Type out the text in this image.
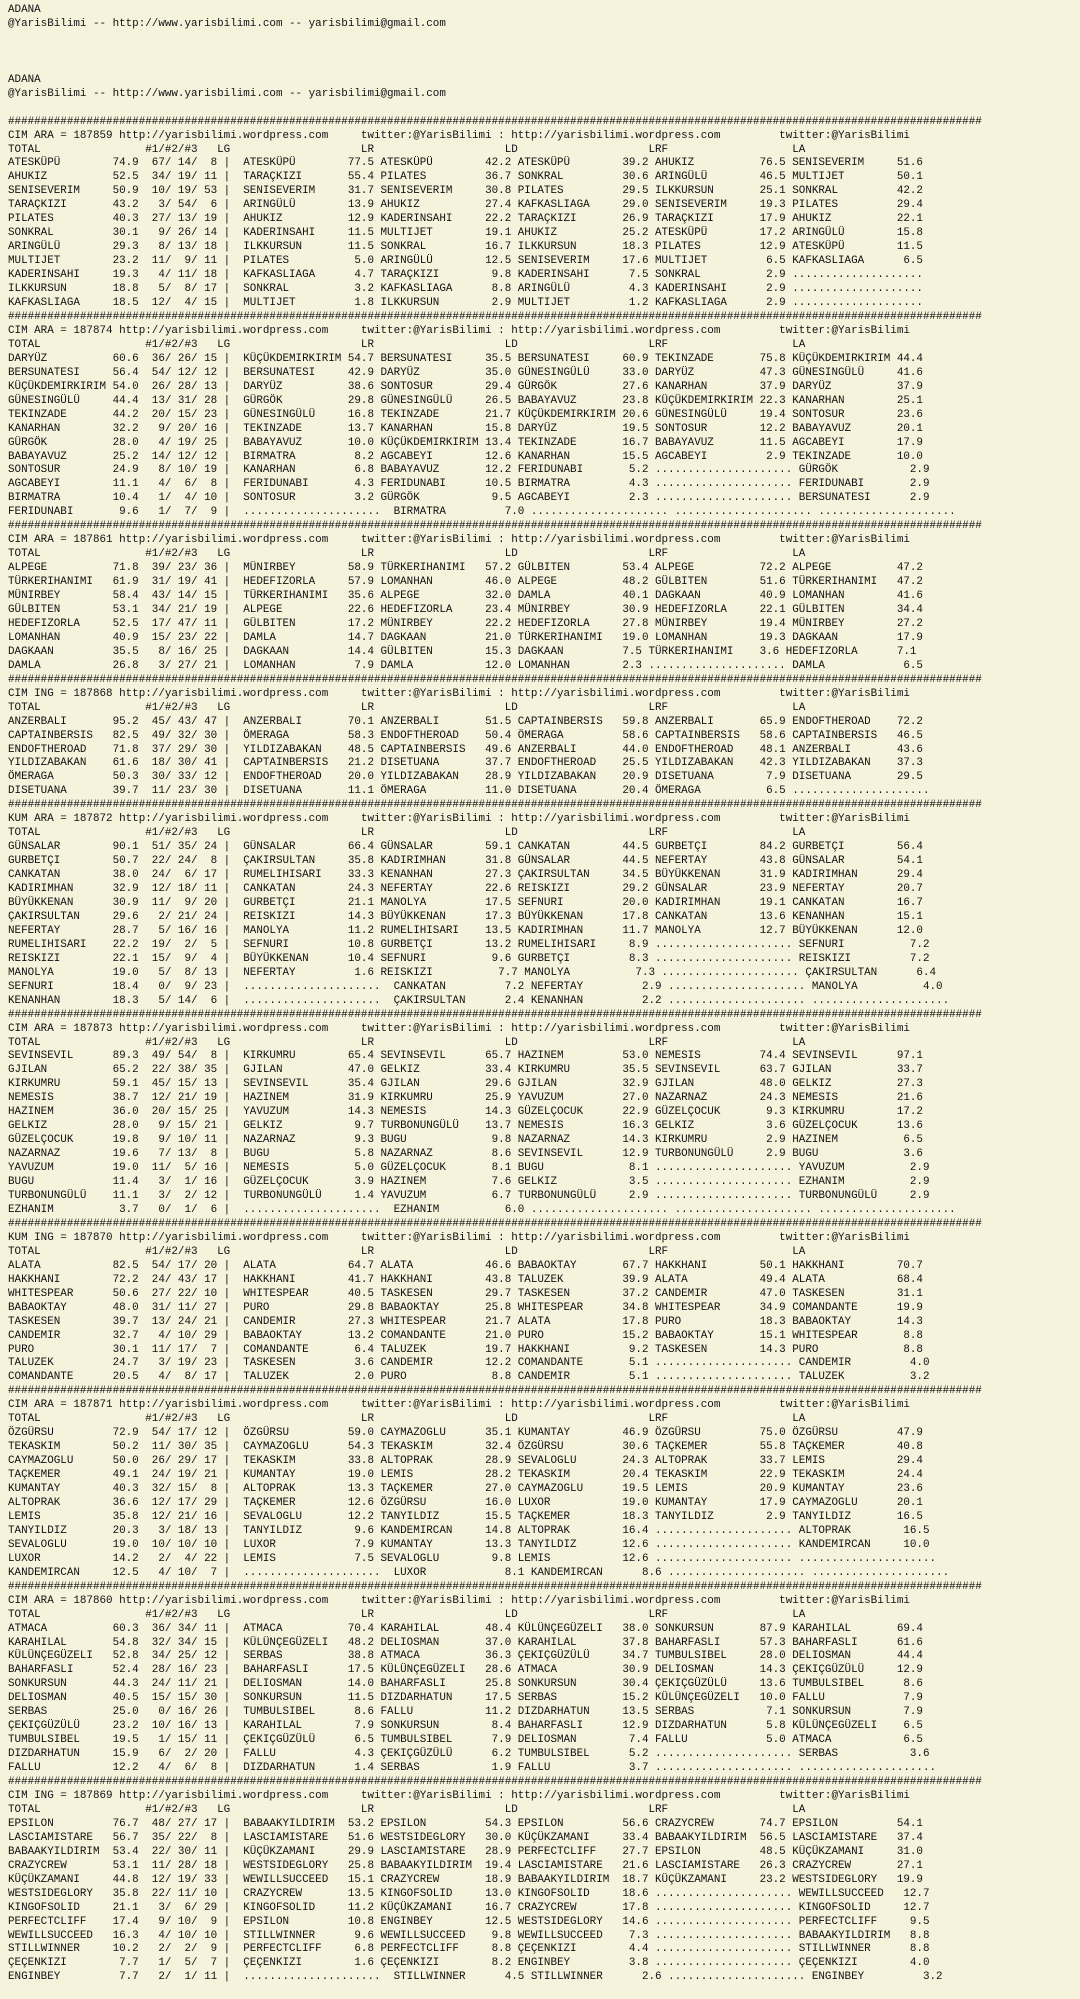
ADANA
@YarisBilimi -- http://www.yarisbilimi.com -- yarisbilimi@gmail.com

ADANA
@YarisBilimi -- http://www.yarisbilimi.com -- yarisbilimi@gmail.com

#####################################################################################################################################################
CIM ARA = 187859 http://yarisbilimi.wordpress.com     twitter:@YarisBilimi : http://yarisbilimi.wordpress.com         twitter:@YarisBilimi
TOTAL                #1/#2/#3   LG                    LR                    LD                    LRF                   LA
ATESKÜPÜ        74.9  67/ 14/  8 |  ATESKÜPÜ        77.5 ATESKÜPÜ        42.2 ATESKÜPÜ        39.2 AHUKIZ          76.5 SENISEVERIM     51.6
AHUKIZ          52.5  34/ 19/ 11 |  TARAÇKIZI       55.4 PILATES         36.7 SONKRAL         30.6 ARINGÜLÜ        46.5 MULTIJET        50.1
SENISEVERIM     50.9  10/ 19/ 53 |  SENISEVERIM     31.7 SENISEVERIM     30.8 PILATES         29.5 ILKKURSUN       25.1 SONKRAL         42.2
TARAÇKIZI       43.2   3/ 54/  6 |  ARINGÜLÜ        13.9 AHUKIZ          27.4 KAFKASLIAGA     29.0 SENISEVERIM     19.3 PILATES         29.4
PILATES         40.3  27/ 13/ 19 |  AHUKIZ          12.9 KADERINSAHI     22.2 TARAÇKIZI       26.9 TARAÇKIZI       17.9 AHUKIZ          22.1
SONKRAL         30.1   9/ 26/ 14 |  KADERINSAHI     11.5 MULTIJET        19.1 AHUKIZ          25.2 ATESKÜPÜ        17.2 ARINGÜLÜ        15.8
ARINGÜLÜ        29.3   8/ 13/ 18 |  ILKKURSUN       11.5 SONKRAL         16.7 ILKKURSUN       18.3 PILATES         12.9 ATESKÜPÜ        11.5
MULTIJET        23.2  11/  9/ 11 |  PILATES          5.0 ARINGÜLÜ        12.5 SENISEVERIM     17.6 MULTIJET         6.5 KAFKASLIAGA      6.5
KADERINSAHI     19.3   4/ 11/ 18 |  KAFKASLIAGA      4.7 TARAÇKIZI        9.8 KADERINSAHI      7.5 SONKRAL          2.9 ....................
ILKKURSUN       18.8   5/  8/ 17 |  SONKRAL          3.2 KAFKASLIAGA      8.8 ARINGÜLÜ         4.3 KADERINSAHI      2.9 ....................
KAFKASLIAGA     18.5  12/  4/ 15 |  MULTIJET         1.8 ILKKURSUN        2.9 MULTIJET         1.2 KAFKASLIAGA      2.9 ....................
#####################################################################################################################################################
CIM ARA = 187874 http://yarisbilimi.wordpress.com     twitter:@YarisBilimi : http://yarisbilimi.wordpress.com         twitter:@YarisBilimi
TOTAL                #1/#2/#3   LG                    LR                    LD                    LRF                   LA
DARYÜZ          60.6  36/ 26/ 15 |  KÜÇÜKDEMIRKIRIM 54.7 BERSUNATESI     35.5 BERSUNATESI     60.9 TEKINZADE       75.8 KÜÇÜKDEMIRKIRIM 44.4
BERSUNATESI     56.4  54/ 12/ 12 |  BERSUNATESI     42.9 DARYÜZ          35.0 GÜNESINGÜLÜ     33.0 DARYÜZ          47.3 GÜNESINGÜLÜ     41.6
KÜÇÜKDEMIRKIRIM 54.0  26/ 28/ 13 |  DARYÜZ          38.6 SONTOSUR        29.4 GÜRGÖK          27.6 KANARHAN        37.9 DARYÜZ          37.9
GÜNESINGÜLÜ     44.4  13/ 31/ 28 |  GÜRGÖK          29.8 GÜNESINGÜLÜ     26.5 BABAYAVUZ       23.8 KÜÇÜKDEMIRKIRIM 22.3 KANARHAN        25.1
TEKINZADE       44.2  20/ 15/ 23 |  GÜNESINGÜLÜ     16.8 TEKINZADE       21.7 KÜÇÜKDEMIRKIRIM 20.6 GÜNESINGÜLÜ     19.4 SONTOSUR        23.6
KANARHAN        32.2   9/ 20/ 16 |  TEKINZADE       13.7 KANARHAN        15.8 DARYÜZ          19.5 SONTOSUR        12.2 BABAYAVUZ       20.1
GÜRGÖK          28.0   4/ 19/ 25 |  BABAYAVUZ       10.0 KÜÇÜKDEMIRKIRIM 13.4 TEKINZADE       16.7 BABAYAVUZ       11.5 AGCABEYI        17.9
BABAYAVUZ       25.2  14/ 12/ 12 |  BIRMATRA         8.2 AGCABEYI        12.6 KANARHAN        15.5 AGCABEYI         2.9 TEKINZADE       10.0
SONTOSUR        24.9   8/ 10/ 19 |  KANARHAN         6.8 BABAYAVUZ       12.2 FERIDUNABI       5.2 ..................... GÜRGÖK           2.9
AGCABEYI        11.1   4/  6/  8 |  FERIDUNABI       4.3 FERIDUNABI      10.5 BIRMATRA         4.3 ..................... FERIDUNABI       2.9
BIRMATRA        10.4   1/  4/ 10 |  SONTOSUR         3.2 GÜRGÖK           9.5 AGCABEYI         2.3 ..................... BERSUNATESI      2.9
FERIDUNABI       9.6   1/  7/  9 |  .....................  BIRMATRA         7.0 ..................... ..................... .....................
#####################################################################################################################################################
CIM ARA = 187861 http://yarisbilimi.wordpress.com     twitter:@YarisBilimi : http://yarisbilimi.wordpress.com         twitter:@YarisBilimi
TOTAL                #1/#2/#3   LG                    LR                    LD                    LRF                   LA
ALPEGE          71.8  39/ 23/ 36 |  MÜNIRBEY        58.9 TÜRKERIHANIMI   57.2 GÜLBITEN        53.4 ALPEGE          72.2 ALPEGE          47.2
TÜRKERIHANIMI   61.9  31/ 19/ 41 |  HEDEFIZORLA     57.9 LOMANHAN        46.0 ALPEGE          48.2 GÜLBITEN        51.6 TÜRKERIHANIMI   47.2
MÜNIRBEY        58.4  43/ 14/ 15 |  TÜRKERIHANIMI   35.6 ALPEGE          32.0 DAMLA           40.1 DAGKAAN         40.9 LOMANHAN        41.6
GÜLBITEN        53.1  34/ 21/ 19 |  ALPEGE          22.6 HEDEFIZORLA     23.4 MÜNIRBEY        30.9 HEDEFIZORLA     22.1 GÜLBITEN        34.4
HEDEFIZORLA     52.5  17/ 47/ 11 |  GÜLBITEN        17.2 MÜNIRBEY        22.2 HEDEFIZORLA     27.8 MÜNIRBEY        19.4 MÜNIRBEY        27.2
LOMANHAN        40.9  15/ 23/ 22 |  DAMLA           14.7 DAGKAAN         21.0 TÜRKERIHANIMI   19.0 LOMANHAN        19.3 DAGKAAN         17.9
DAGKAAN         35.5   8/ 16/ 25 |  DAGKAAN         14.4 GÜLBITEN        15.3 DAGKAAN         7.5 TÜRKERIHANIMI    3.6 HEDEFIZORLA      7.1
DAMLA           26.8   3/ 27/ 21 |  LOMANHAN         7.9 DAMLA           12.0 LOMANHAN        2.3 ..................... DAMLA            6.5
#####################################################################################################################################################
CIM ING = 187868 http://yarisbilimi.wordpress.com     twitter:@YarisBilimi : http://yarisbilimi.wordpress.com         twitter:@YarisBilimi
TOTAL                #1/#2/#3   LG                    LR                    LD                    LRF                   LA
ANZERBALI       95.2  45/ 43/ 47 |  ANZERBALI       70.1 ANZERBALI       51.5 CAPTAINBERSIS   59.8 ANZERBALI       65.9 ENDOFTHEROAD    72.2
CAPTAINBERSIS   82.5  49/ 32/ 30 |  ÖMERAGA         58.3 ENDOFTHEROAD    50.4 ÖMERAGA         58.6 CAPTAINBERSIS   58.6 CAPTAINBERSIS   46.5
ENDOFTHEROAD    71.8  37/ 29/ 30 |  YILDIZABAKAN    48.5 CAPTAINBERSIS   49.6 ANZERBALI       44.0 ENDOFTHEROAD    48.1 ANZERBALI       43.6
YILDIZABAKAN    61.6  18/ 30/ 41 |  CAPTAINBERSIS   21.2 DISETUANA       37.7 ENDOFTHEROAD    25.5 YILDIZABAKAN    42.3 YILDIZABAKAN    37.3
ÖMERAGA         50.3  30/ 33/ 12 |  ENDOFTHEROAD    20.0 YILDIZABAKAN    28.9 YILDIZABAKAN    20.9 DISETUANA        7.9 DISETUANA       29.5
DISETUANA       39.7  11/ 23/ 30 |  DISETUANA       11.1 ÖMERAGA         11.0 DISETUANA       20.4 ÖMERAGA          6.5 .....................
#####################################################################################################################################################
KUM ARA = 187872 http://yarisbilimi.wordpress.com     twitter:@YarisBilimi : http://yarisbilimi.wordpress.com         twitter:@YarisBilimi
TOTAL                #1/#2/#3   LG                    LR                    LD                    LRF                   LA
GÜNSALAR        90.1  51/ 35/ 24 |  GÜNSALAR        66.4 GÜNSALAR        59.1 CANKATAN        44.5 GURBETÇI        84.2 GURBETÇI        56.4
GURBETÇI        50.7  22/ 24/  8 |  ÇAKIRSULTAN     35.8 KADIRIMHAN      31.8 GÜNSALAR        44.5 NEFERTAY        43.8 GÜNSALAR        54.1
CANKATAN        38.0  24/  6/ 17 |  RUMELIHISARI    33.3 KENANHAN        27.3 ÇAKIRSULTAN     34.5 BÜYÜKKENAN      31.9 KADIRIMHAN      29.4
KADIRIMHAN      32.9  12/ 18/ 11 |  CANKATAN        24.3 NEFERTAY        22.6 REISKIZI        29.2 GÜNSALAR        23.9 NEFERTAY        20.7
BÜYÜKKENAN      30.9  11/  9/ 20 |  GURBETÇI        21.1 MANOLYA         17.5 SEFNURI         20.0 KADIRIMHAN      19.1 CANKATAN        16.7
ÇAKIRSULTAN     29.6   2/ 21/ 24 |  REISKIZI        14.3 BÜYÜKKENAN      17.3 BÜYÜKKENAN      17.8 CANKATAN        13.6 KENANHAN        15.1
NEFERTAY        28.7   5/ 16/ 16 |  MANOLYA         11.2 RUMELIHISARI    13.5 KADIRIMHAN      11.7 MANOLYA         12.7 BÜYÜKKENAN      12.0
RUMELIHISARI    22.2  19/  2/  5 |  SEFNURI         10.8 GURBETÇI        13.2 RUMELIHISARI     8.9 ..................... SEFNURI          7.2
REISKIZI        22.1  15/  9/  4 |  BÜYÜKKENAN      10.4 SEFNURI          9.6 GURBETÇI         8.3 ..................... REISKIZI         7.2
MANOLYA         19.0   5/  8/ 13 |  NEFERTAY         1.6 REISKIZI          7.7 MANOLYA          7.3 ..................... ÇAKIRSULTAN      6.4
SEFNURI         18.4   0/  9/ 23 |  .....................  CANKATAN         7.2 NEFERTAY         2.9 ..................... MANOLYA          4.0
KENANHAN        18.3   5/ 14/  6 |  .....................  ÇAKIRSULTAN      2.4 KENANHAN         2.2 ..................... .....................
#####################################################################################################################################################
CIM ARA = 187873 http://yarisbilimi.wordpress.com     twitter:@YarisBilimi : http://yarisbilimi.wordpress.com         twitter:@YarisBilimi
TOTAL                #1/#2/#3   LG                    LR                    LD                    LRF                   LA
SEVINSEVIL      89.3  49/ 54/  8 |  KIRKUMRU        65.4 SEVINSEVIL      65.7 HAZINEM         53.0 NEMESIS         74.4 SEVINSEVIL      97.1
GJILAN          65.2  22/ 38/ 35 |  GJILAN          47.0 GELKIZ          33.4 KIRKUMRU        35.5 SEVINSEVIL      63.7 GJILAN          33.7
KIRKUMRU        59.1  45/ 15/ 13 |  SEVINSEVIL      35.4 GJILAN          29.6 GJILAN          32.9 GJILAN          48.0 GELKIZ          27.3
NEMESIS         38.7  12/ 21/ 19 |  HAZINEM         31.9 KIRKUMRU        25.9 YAVUZUM         27.0 NAZARNAZ        24.3 NEMESIS         21.6
HAZINEM         36.0  20/ 15/ 25 |  YAVUZUM         14.3 NEMESIS         14.3 GÜZELÇOCUK      22.9 GÜZELÇOCUK       9.3 KIRKUMRU        17.2
GELKIZ          28.0   9/ 15/ 21 |  GELKIZ           9.7 TURBONUNGÜLÜ    13.7 NEMESIS         16.3 GELKIZ           3.6 GÜZELÇOCUK      13.6
GÜZELÇOCUK      19.8   9/ 10/ 11 |  NAZARNAZ         9.3 BUGU             9.8 NAZARNAZ        14.3 KIRKUMRU         2.9 HAZINEM          6.5
NAZARNAZ        19.6   7/ 13/  8 |  BUGU             5.8 NAZARNAZ         8.6 SEVINSEVIL      12.9 TURBONUNGÜLÜ     2.9 BUGU             3.6
YAVUZUM         19.0  11/  5/ 16 |  NEMESIS          5.0 GÜZELÇOCUK       8.1 BUGU             8.1 ..................... YAVUZUM          2.9
BUGU            11.4   3/  1/ 16 |  GÜZELÇOCUK       3.9 HAZINEM          7.6 GELKIZ           3.5 ..................... EZHANIM          2.9
TURBONUNGÜLÜ    11.1   3/  2/ 12 |  TURBONUNGÜLÜ     1.4 YAVUZUM          6.7 TURBONUNGÜLÜ     2.9 ..................... TURBONUNGÜLÜ     2.9
EZHANIM          3.7   0/  1/  6 |  .....................  EZHANIM          6.0 ..................... ..................... .....................
#####################################################################################################################################################
KUM ING = 187870 http://yarisbilimi.wordpress.com     twitter:@YarisBilimi : http://yarisbilimi.wordpress.com         twitter:@YarisBilimi
TOTAL                #1/#2/#3   LG                    LR                    LD                    LRF                   LA
ALATA           82.5  54/ 17/ 20 |  ALATA           64.7 ALATA           46.6 BABAOKTAY       67.7 HAKKHANI        50.1 HAKKHANI        70.7
HAKKHANI        72.2  24/ 43/ 17 |  HAKKHANI        41.7 HAKKHANI        43.8 TALUZEK         39.9 ALATA           49.4 ALATA           68.4
WHITESPEAR      50.6  27/ 22/ 10 |  WHITESPEAR      40.5 TASKESEN        29.7 TASKESEN        37.2 CANDEMIR        47.0 TASKESEN        31.1
BABAOKTAY       48.0  31/ 11/ 27 |  PURO            29.8 BABAOKTAY       25.8 WHITESPEAR      34.8 WHITESPEAR      34.9 COMANDANTE      19.9
TASKESEN        39.7  13/ 24/ 21 |  CANDEMIR        27.3 WHITESPEAR      21.7 ALATA           17.8 PURO            18.3 BABAOKTAY       14.3
CANDEMIR        32.7   4/ 10/ 29 |  BABAOKTAY       13.2 COMANDANTE      21.0 PURO            15.2 BABAOKTAY       15.1 WHITESPEAR       8.8
PURO            30.1  11/ 17/  7 |  COMANDANTE       6.4 TALUZEK         19.7 HAKKHANI         9.2 TASKESEN        14.3 PURO             8.8
TALUZEK         24.7   3/ 19/ 23 |  TASKESEN         3.6 CANDEMIR        12.2 COMANDANTE       5.1 ..................... CANDEMIR         4.0
COMANDANTE      20.5   4/  8/ 17 |  TALUZEK          2.0 PURO             8.8 CANDEMIR         5.1 ..................... TALUZEK          3.2
#####################################################################################################################################################
CIM ARA = 187871 http://yarisbilimi.wordpress.com     twitter:@YarisBilimi : http://yarisbilimi.wordpress.com         twitter:@YarisBilimi
TOTAL                #1/#2/#3   LG                    LR                    LD                    LRF                   LA
ÖZGÜRSU         72.9  54/ 17/ 12 |  ÖZGÜRSU         59.0 CAYMAZOGLU      35.1 KUMANTAY        46.9 ÖZGÜRSU         75.0 ÖZGÜRSU         47.9
TEKASKIM        50.2  11/ 30/ 35 |  CAYMAZOGLU      54.3 TEKASKIM        32.4 ÖZGÜRSU         30.6 TAÇKEMER        55.8 TAÇKEMER        40.8
CAYMAZOGLU      50.0  26/ 29/ 17 |  TEKASKIM        33.8 ALTOPRAK        28.9 SEVALOGLU       24.3 ALTOPRAK        33.7 LEMIS           29.4
TAÇKEMER        49.1  24/ 19/ 21 |  KUMANTAY        19.0 LEMIS           28.2 TEKASKIM        20.4 TEKASKIM        22.9 TEKASKIM        24.4
KUMANTAY        40.3  32/ 15/  8 |  ALTOPRAK        13.3 TAÇKEMER        27.0 CAYMAZOGLU      19.5 LEMIS           20.9 KUMANTAY        23.6
ALTOPRAK        36.6  12/ 17/ 29 |  TAÇKEMER        12.6 ÖZGÜRSU         16.0 LUXOR           19.0 KUMANTAY        17.9 CAYMAZOGLU      20.1
LEMIS           35.8  12/ 21/ 16 |  SEVALOGLU       12.2 TANYILDIZ       15.5 TAÇKEMER        18.3 TANYILDIZ        2.9 TANYILDIZ       16.5
TANYILDIZ       20.3   3/ 18/ 13 |  TANYILDIZ        9.6 KANDEMIRCAN     14.8 ALTOPRAK        16.4 ..................... ALTOPRAK        16.5
SEVALOGLU       19.0  10/ 10/ 10 |  LUXOR            7.9 KUMANTAY        13.3 TANYILDIZ       12.6 ..................... KANDEMIRCAN     10.0
LUXOR           14.2   2/  4/ 22 |  LEMIS            7.5 SEVALOGLU        9.8 LEMIS           12.6 ..................... .....................
KANDEMIRCAN     12.5   4/ 10/  7 |  .....................  LUXOR            8.1 KANDEMIRCAN      8.6 ..................... .....................
#####################################################################################################################################################
CIM ARA = 187860 http://yarisbilimi.wordpress.com     twitter:@YarisBilimi : http://yarisbilimi.wordpress.com         twitter:@YarisBilimi
TOTAL                #1/#2/#3   LG                    LR                    LD                    LRF                   LA
ATMACA          60.3  36/ 34/ 11 |  ATMACA          70.4 KARAHILAL       48.4 KÜLÜNÇEGÜZELI   38.0 SONKURSUN       87.9 KARAHILAL       69.4
KARAHILAL       54.8  32/ 34/ 15 |  KÜLÜNÇEGÜZELI   48.2 DELIOSMAN       37.0 KARAHILAL       37.8 BAHARFASLI      57.3 BAHARFASLI      61.6
KÜLÜNÇEGÜZELI   52.8  34/ 25/ 12 |  SERBAS          38.8 ATMACA          36.3 ÇEKIÇGÜZÜLÜ     34.7 TUMBULSIBEL     28.0 DELIOSMAN       44.4
BAHARFASLI      52.4  28/ 16/ 23 |  BAHARFASLI      17.5 KÜLÜNÇEGÜZELI   28.6 ATMACA          30.9 DELIOSMAN       14.3 ÇEKIÇGÜZÜLÜ     12.9
SONKURSUN       44.3  24/ 11/ 21 |  DELIOSMAN       14.0 BAHARFASLI      25.8 SONKURSUN       30.4 ÇEKIÇGÜZÜLÜ     13.6 TUMBULSIBEL      8.6
DELIOSMAN       40.5  15/ 15/ 30 |  SONKURSUN       11.5 DIZDARHATUN     17.5 SERBAS          15.2 KÜLÜNÇEGÜZELI   10.0 FALLU            7.9
SERBAS          25.0   0/ 16/ 26 |  TUMBULSIBEL      8.6 FALLU           11.2 DIZDARHATUN     13.5 SERBAS           7.1 SONKURSUN        7.9
ÇEKIÇGÜZÜLÜ     23.2  10/ 16/ 13 |  KARAHILAL        7.9 SONKURSUN        8.4 BAHARFASLI      12.9 DIZDARHATUN      5.8 KÜLÜNÇEGÜZELI    6.5
TUMBULSIBEL     19.5   1/ 15/ 11 |  ÇEKIÇGÜZÜLÜ      6.5 TUMBULSIBEL      7.9 DELIOSMAN        7.4 FALLU            5.0 ATMACA           6.5
DIZDARHATUN     15.9   6/  2/ 20 |  FALLU            4.3 ÇEKIÇGÜZÜLÜ      6.2 TUMBULSIBEL      5.2 ..................... SERBAS           3.6
FALLU           12.2   4/  6/  8 |  DIZDARHATUN      1.4 SERBAS           1.9 FALLU            3.7 ..................... .....................
#####################################################################################################################################################
CIM ING = 187869 http://yarisbilimi.wordpress.com     twitter:@YarisBilimi : http://yarisbilimi.wordpress.com         twitter:@YarisBilimi
TOTAL                #1/#2/#3   LG                    LR                    LD                    LRF                   LA
EPSILON         76.7  48/ 27/ 17 |  BABAAKYILDIRIM  53.2 EPSILON         54.3 EPSILON         56.6 CRAZYCREW       74.7 EPSILON         54.1
LASCIAMISTARE   56.7  35/ 22/  8 |  LASCIAMISTARE   51.6 WESTSIDEGLORY   30.0 KÜÇÜKZAMANI     33.4 BABAAKYILDIRIM  56.5 LASCIAMISTARE   37.4
BABAAKYILDIRIM  53.4  22/ 30/ 11 |  KÜÇÜKZAMANI     29.9 LASCIAMISTARE   28.9 PERFECTCLIFF    27.7 EPSILON         48.5 KÜÇÜKZAMANI     31.0
CRAZYCREW       53.1  11/ 28/ 18 |  WESTSIDEGLORY   25.8 BABAAKYILDIRIM  19.4 LASCIAMISTARE   21.6 LASCIAMISTARE   26.3 CRAZYCREW       27.1
KÜÇÜKZAMANI     44.8  12/ 19/ 33 |  WEWILLSUCCEED   15.1 CRAZYCREW       18.9 BABAAKYILDIRIM  18.7 KÜÇÜKZAMANI     23.2 WESTSIDEGLORY   19.9
WESTSIDEGLORY   35.8  22/ 11/ 10 |  CRAZYCREW       13.5 KINGOFSOLID     13.0 KINGOFSOLID     18.6 ..................... WEWILLSUCCEED   12.7
KINGOFSOLID     21.1   3/  6/ 29 |  KINGOFSOLID     11.2 KÜÇÜKZAMANI     16.7 CRAZYCREW       17.8 ..................... KINGOFSOLID     12.7
PERFECTCLIFF    17.4   9/ 10/  9 |  EPSILON         10.8 ENGINBEY        12.5 WESTSIDEGLORY   14.6 ..................... PERFECTCLIFF     9.5
WEWILLSUCCEED   16.3   4/ 10/ 10 |  STILLWINNER      9.6 WEWILLSUCCEED    9.8 WEWILLSUCCEED    7.3 ..................... BABAAKYILDIRIM   8.8
STILLWINNER     10.2   2/  2/  9 |  PERFECTCLIFF     6.8 PERFECTCLIFF     8.8 ÇEÇENKIZI        4.4 ..................... STILLWINNER      8.8
ÇEÇENKIZI        7.7   1/  5/  7 |  ÇEÇENKIZI        1.6 ÇEÇENKIZI        8.2 ENGINBEY         3.8 ..................... ÇEÇENKIZI        4.0
ENGINBEY         7.7   2/  1/ 11 |  .....................  STILLWINNER      4.5 STILLWINNER      2.6 ..................... ENGINBEY         3.2
